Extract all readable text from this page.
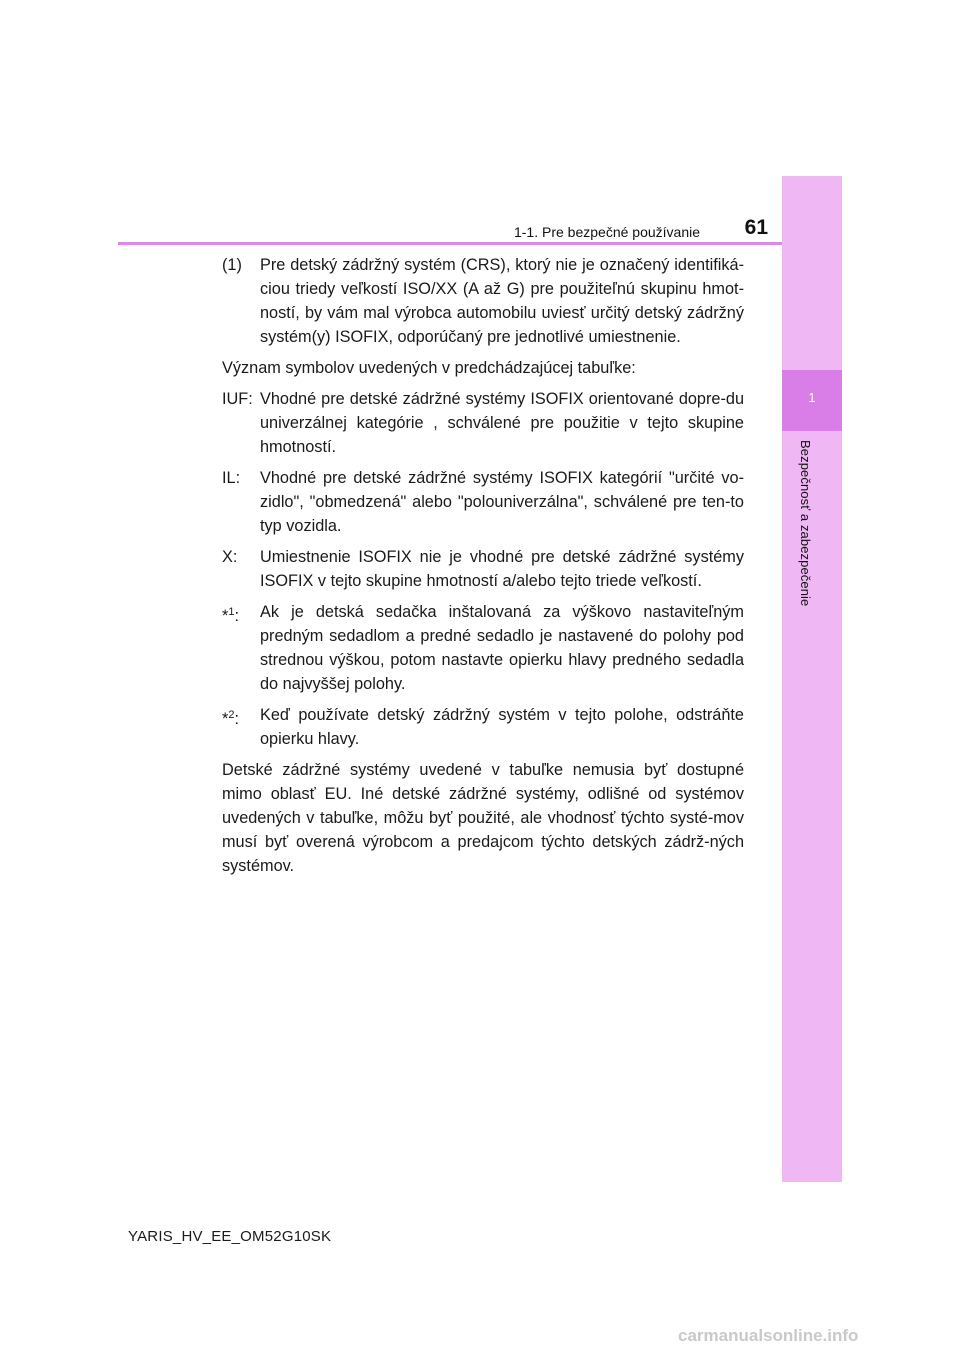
1
Bezpečnosť a zabezpečenie
1-1. Pre bezpečné používanie	61
(1)	Pre detský zádržný systém (CRS), ktorý nie je označený identifiká-ciou triedy veľkostí ISO/XX (A až G) pre použiteľnú skupinu hmot-ností, by vám mal výrobca automobilu uviesť určitý detský zádržný systém(y) ISOFIX, odporúčaný pre jednotlivé umiestnenie.
Význam symbolov uvedených v predchádzajúcej tabuľke:
IUF: Vhodné pre detské zádržné systémy ISOFIX orientované dopre-du univerzálnej kategórie , schválené pre použitie v tejto skupine hmotností.
IL:	Vhodné pre detské zádržné systémy ISOFIX kategórií "určité vo-zidlo", "obmedzená" alebo "polouniverzálna", schválené pre ten-to typ vozidla.
X:	Umiestnenie ISOFIX nie je vhodné pre detské zádržné systémy ISOFIX v tejto skupine hmotností a/alebo tejto triede veľkostí.
*$^1$:	Ak je detská sedačka inštalovaná za výškovo nastaviteľným predným sedadlom a predné sedadlo je nastavené do polohy pod strednou výškou, potom nastavte opierku hlavy predného sedadla do najvyššej polohy.
*$^2$:	Keď používate detský zádržný systém v tejto polohe, odstráňte opierku hlavy.
Detské zádržné systémy uvedené v tabuľke nemusia byť dostupné mimo oblasť EU. Iné detské zádržné systémy, odlišné od systémov uvedených v tabuľke, môžu byť použité, ale vhodnosť týchto systé-mov musí byť overená výrobcom a predajcom týchto detských zádrž-ných systémov.
YARIS_HV_EE_OM52G10SK
carmanualsonline.info
